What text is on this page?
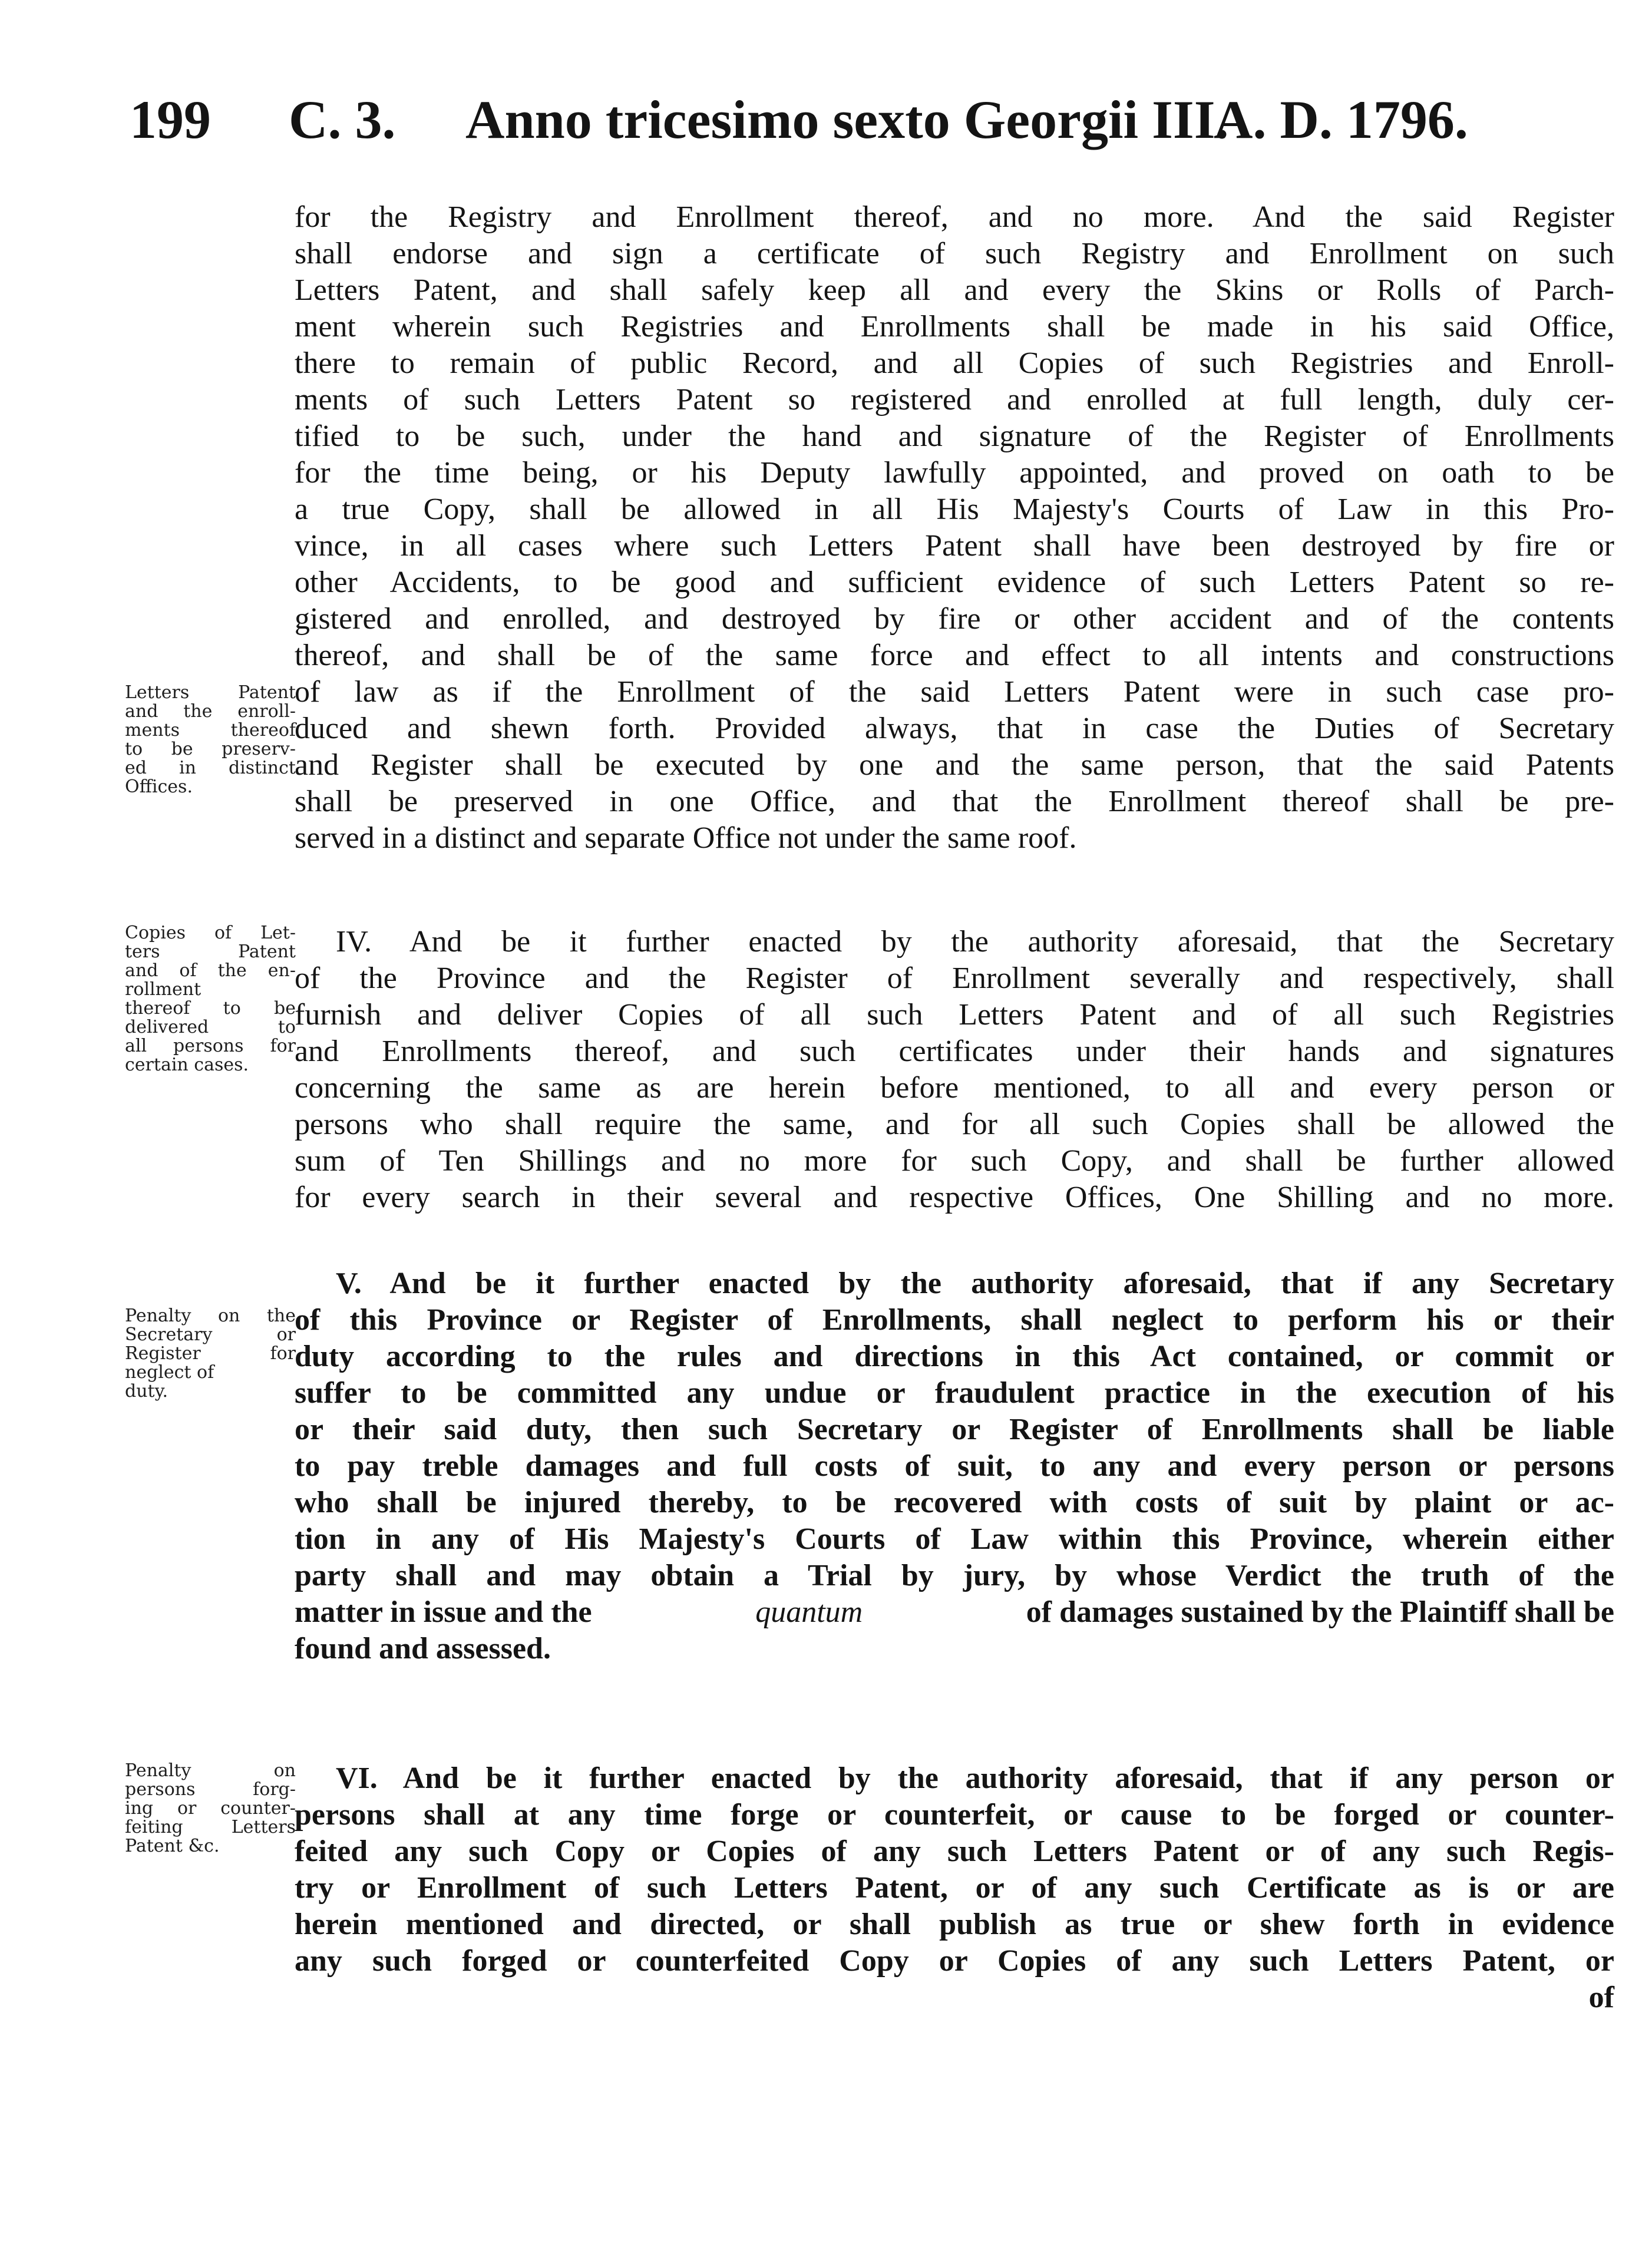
199 C. 3. Anno tricesimo sexto Georgii III.
A. D. 1796.
for the Registry and Enrollment thereof, and no more. And the said Register
shall endorse and sign a certificate of such Registry and Enrollment on such
Letters Patent, and shall safely keep all and every the Skins or Rolls of Parch-
ment wherein such Registries and Enrollments shall be made in his said Office,
there to remain of public Record, and all Copies of such Registries and Enroll-
ments of such Letters Patent so registered and enrolled at full length, duly cer-
tified to be such, under the hand and signature of the Register of Enrollments
for the time being, or his Deputy lawfully appointed, and proved on oath to be
a true Copy, shall be allowed in all His Majesty's Courts of Law in this Pro-
vince, in all cases where such Letters Patent shall have been destroyed by fire or
other Accidents, to be good and sufficient evidence of such Letters Patent so re-
gistered and enrolled, and destroyed by fire or other accident and of the contents
thereof, and shall be of the same force and effect to all intents and constructions
of law as if the Enrollment of the said Letters Patent were in such case pro-
duced and shewn forth. Provided always, that in case the Duties of Secretary
and Register shall be executed by one and the same person, that the said Patents
shall be preserved in one Office, and that the Enrollment thereof shall be pre-
served in a distinct and separate Office not under the same roof.
Letters Patent
and the enroll-
ments thereof
to be preserv-
ed in distinct
Offices.
IV. And be it further enacted by the authority aforesaid, that the Secretary
of the Province and the Register of Enrollment severally and respectively, shall
furnish and deliver Copies of all such Letters Patent and of all such Registries
and Enrollments thereof, and such certificates under their hands and signatures
concerning the same as are herein before mentioned, to all and every person or
persons who shall require the same, and for all such Copies shall be allowed the
sum of Ten Shillings and no more for such Copy, and shall be further allowed
for every search in their several and respective Offices, One Shilling and no more.
Copies of Let-
ters Patent
and of the en-
rollment
thereof to be
delivered to
all persons for
certain cases.
V. And be it further enacted by the authority aforesaid, that if any Secretary
of this Province or Register of Enrollments, shall neglect to perform his or their
duty according to the rules and directions in this Act contained, or commit or
suffer to be committed any undue or fraudulent practice in the execution of his
or their said duty, then such Secretary or Register of Enrollments shall be liable
to pay treble damages and full costs of suit, to any and every person or persons
who shall be injured thereby, to be recovered with costs of suit by plaint or ac-
tion in any of His Majesty's Courts of Law within this Province, wherein either
party shall and may obtain a Trial by jury, by whose Verdict the truth of the
matter in issue and the	quantum	of damages sustained by the Plaintiff shall be
found and assessed.
Penalty on the
Secretary or
Register for
neglect of
duty.
VI. And be it further enacted by the authority aforesaid, that if any person or
persons shall at any time forge or counterfeit, or cause to be forged or counter-
feited any such Copy or Copies of any such Letters Patent or of any such Regis-
try or Enrollment of such Letters Patent, or of any such Certificate as is or are
herein mentioned and directed, or shall publish as true or shew forth in evidence
any such forged or counterfeited Copy or Copies of any such Letters Patent, or
of
Penalty on
persons forg-
ing or counter-
feiting Letters
Patent &c.
